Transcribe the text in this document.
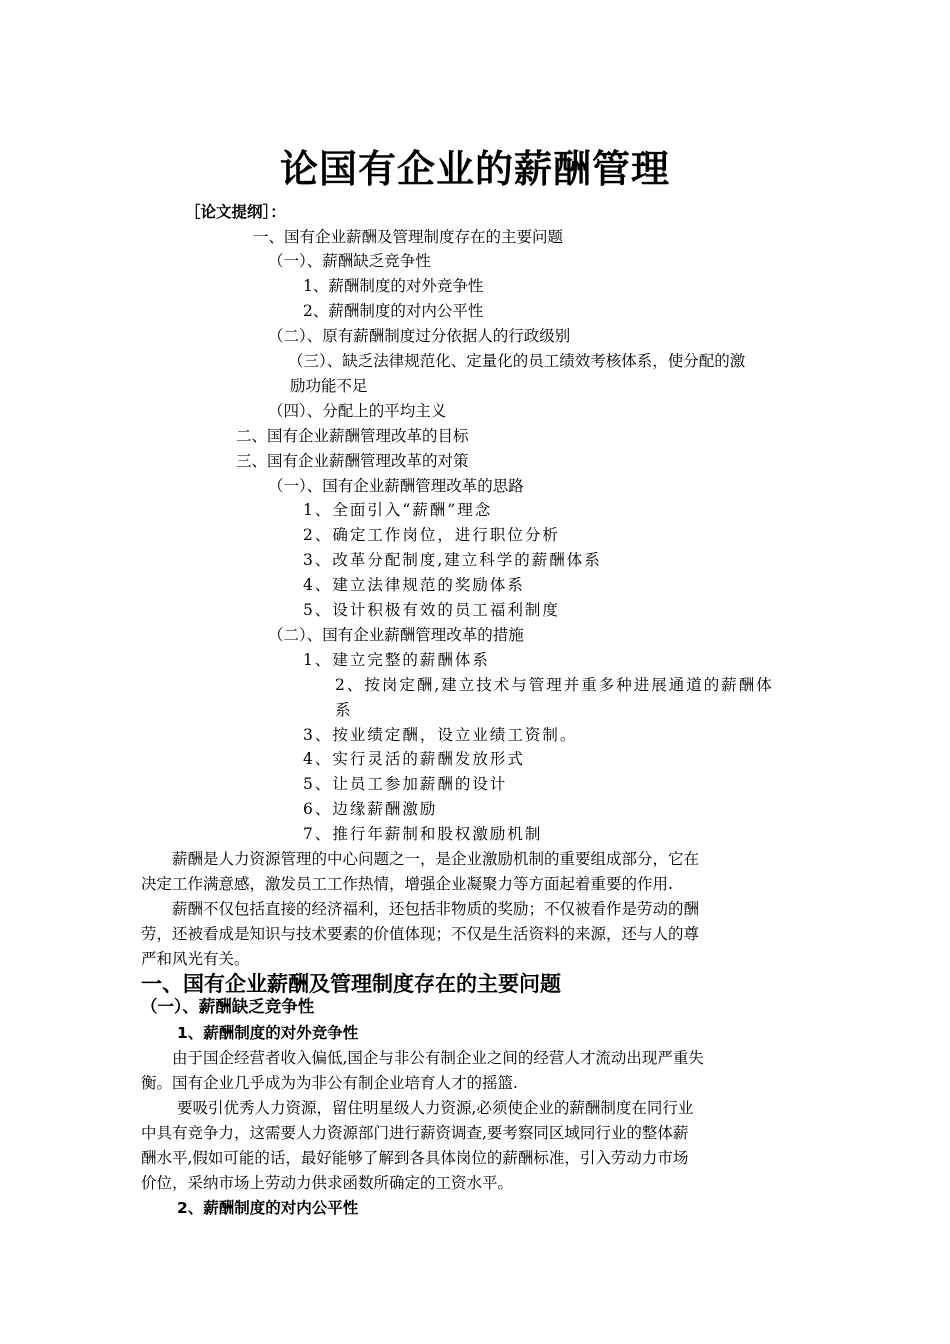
论国有企业的薪酬管理
［论文提纲］：
一、国有企业薪酬及管理制度存在的主要问题
（一）、薪酬缺乏竞争性
1、薪酬制度的对外竞争性
2、薪酬制度的对内公平性
（二）、原有薪酬制度过分依据人的行政级别
（三）、缺乏法律规范化、定量化的员工绩效考核体系，使分配的激
励功能不足
（四）、分配上的平均主义
二、国有企业薪酬管理改革的目标
三、国有企业薪酬管理改革的对策
（一）、国有企业薪酬管理改革的思路
1、全面引入“薪酬”理念
2、确定工作岗位，进行职位分析
3、改革分配制度,建立科学的薪酬体系
4、建立法律规范的奖励体系
5、设计积极有效的员工福利制度
（二）、国有企业薪酬管理改革的措施
1、建立完整的薪酬体系
2、按岗定酬,建立技术与管理并重多种进展通道的薪酬体
系
3、按业绩定酬，设立业绩工资制。
4、实行灵活的薪酬发放形式
5、让员工参加薪酬的设计
6、边缘薪酬激励
7、推行年薪制和股权激励机制
薪酬是人力资源管理的中心问题之一，是企业激励机制的重要组成部分，它在
决定工作满意感，激发员工工作热情，增强企业凝聚力等方面起着重要的作用.
薪酬不仅包括直接的经济福利，还包括非物质的奖励；不仅被看作是劳动的酬
劳，还被看成是知识与技术要素的价值体现；不仅是生活资料的来源，还与人的尊
严和风光有关。
一、国有企业薪酬及管理制度存在的主要问题
（一）、薪酬缺乏竞争性
1、薪酬制度的对外竞争性
由于国企经营者收入偏低,国企与非公有制企业之间的经营人才流动出现严重失
衡。国有企业几乎成为为非公有制企业培育人才的摇篮.
要吸引优秀人力资源，留住明星级人力资源,必须使企业的薪酬制度在同行业
中具有竞争力，这需要人力资源部门进行薪资调查,要考察同区域同行业的整体薪
酬水平,假如可能的话，最好能够了解到各具体岗位的薪酬标准，引入劳动力市场
价位，采纳市场上劳动力供求函数所确定的工资水平。
2、薪酬制度的对内公平性
